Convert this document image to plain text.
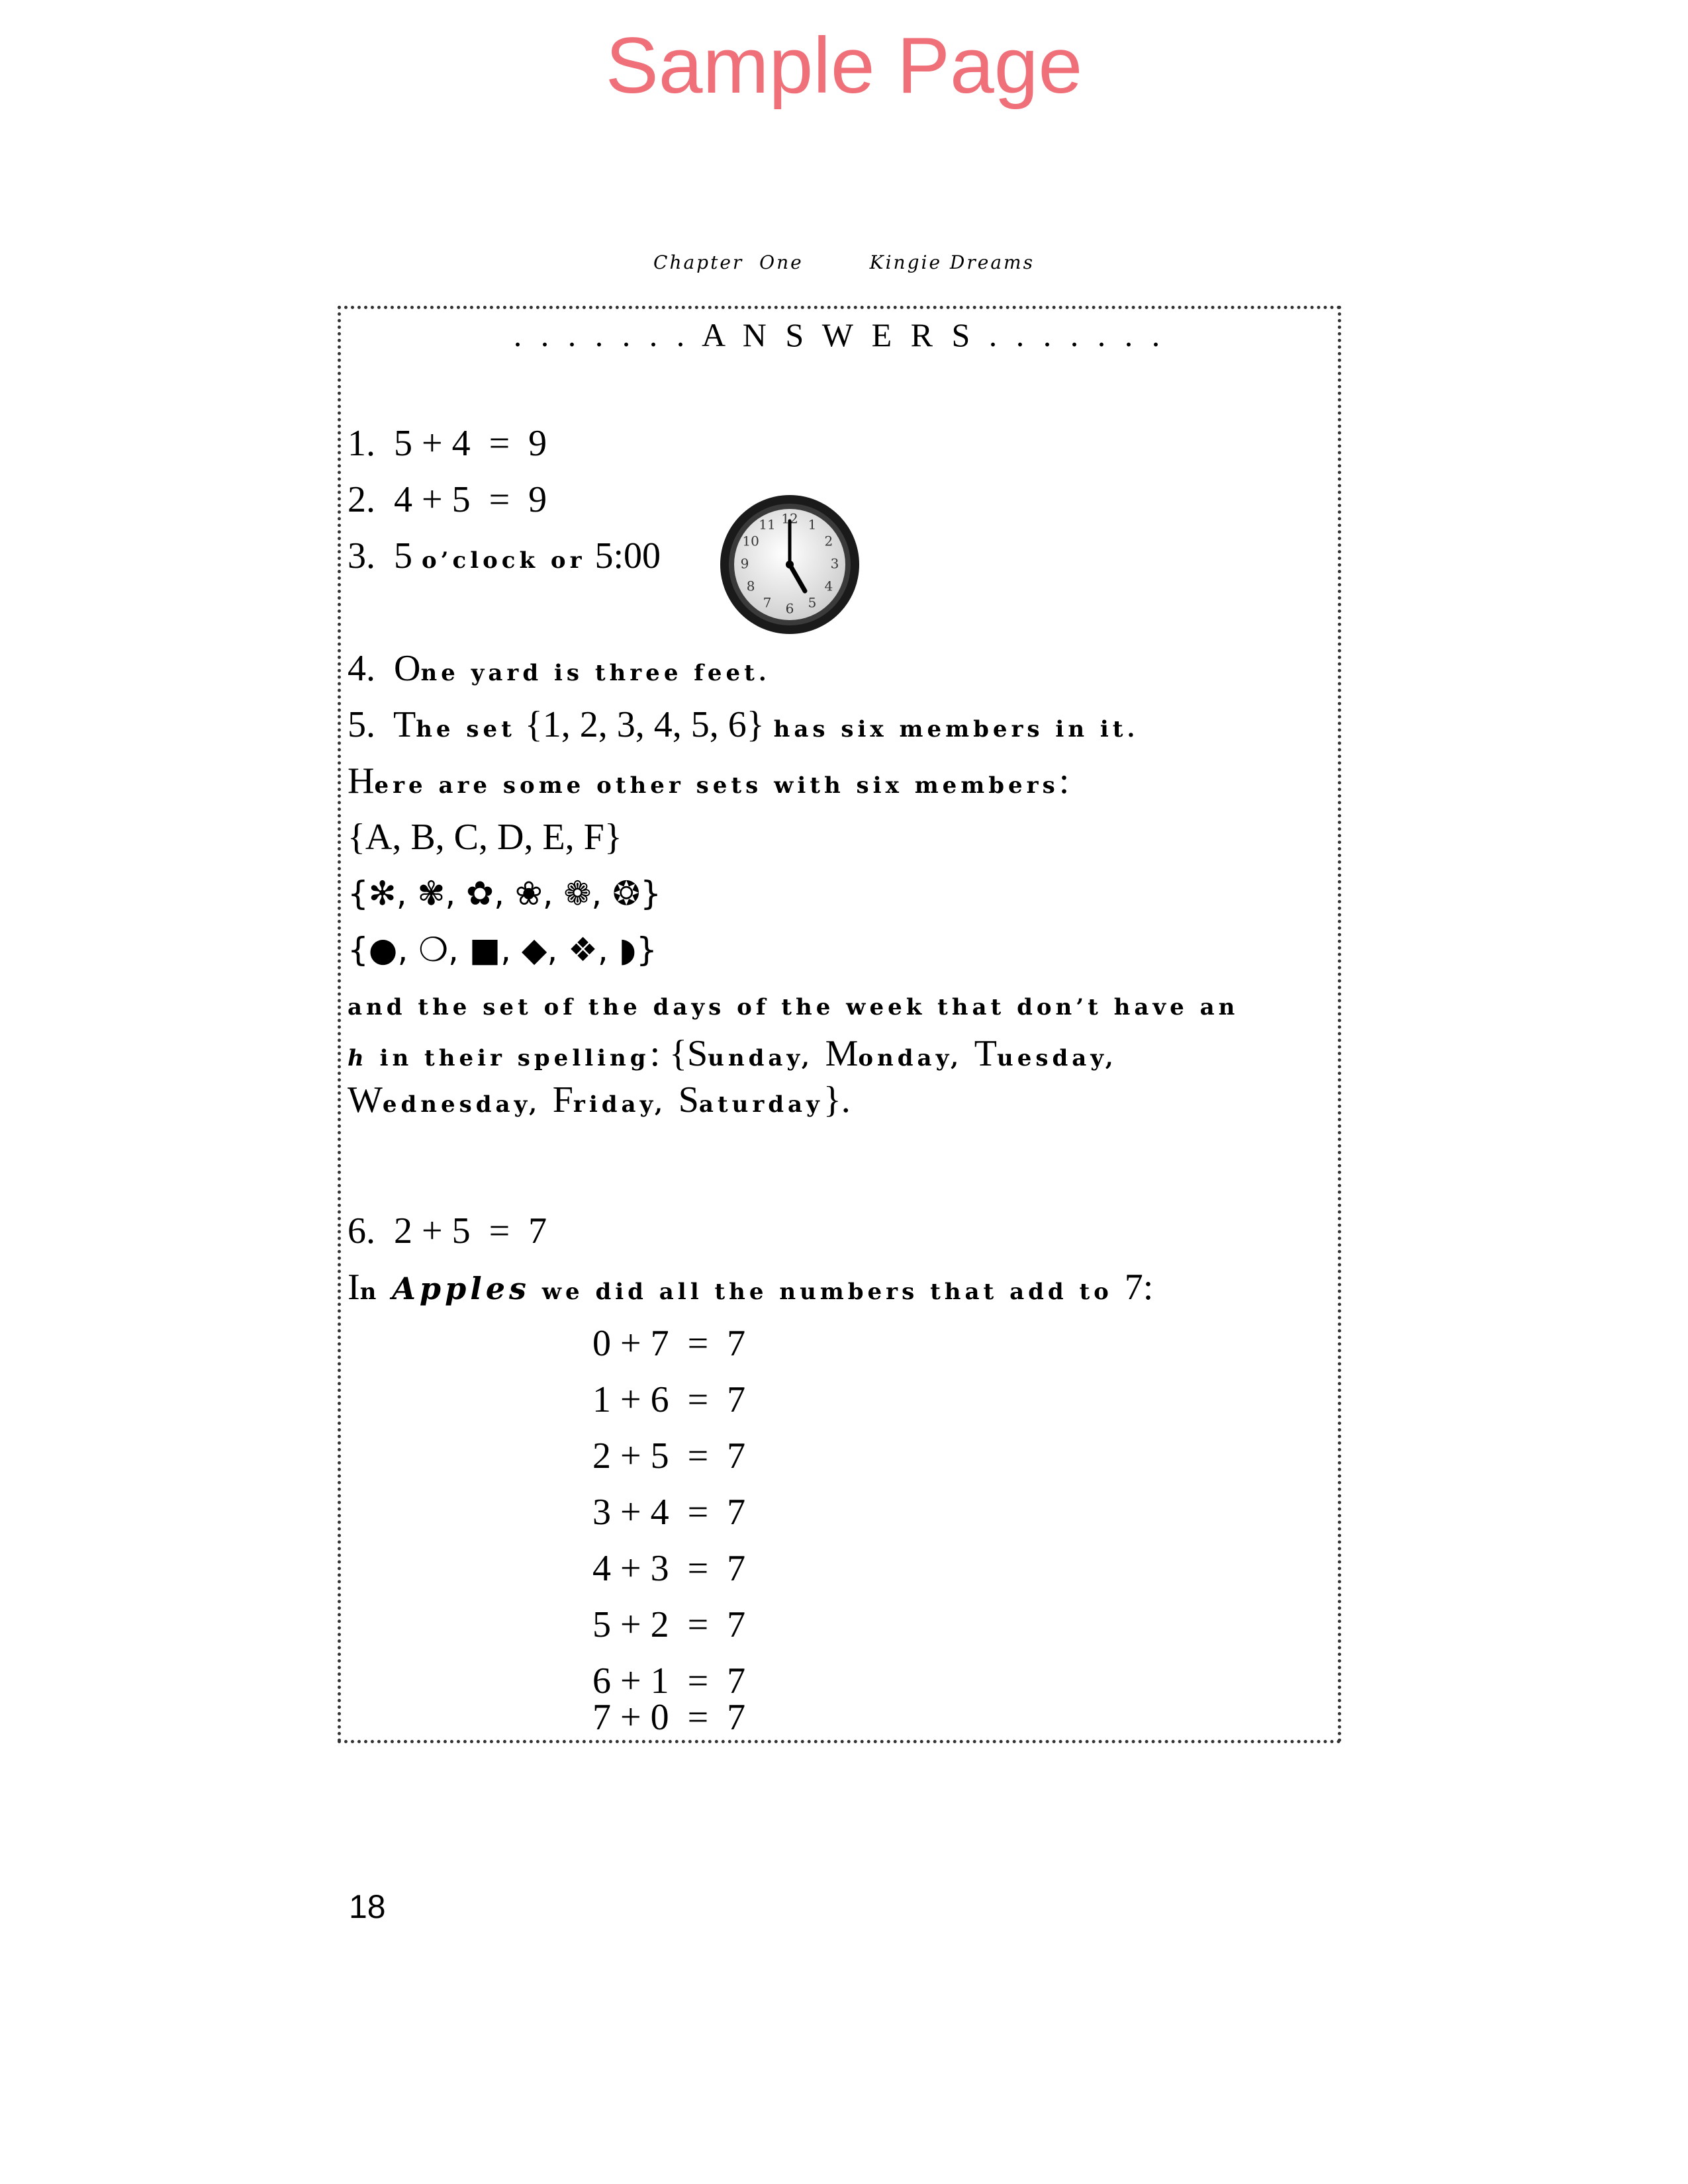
Sample Page
Chapter  One	Kingie Dreams
. . . . . . . A N S W E R S . . . . . . .
1.  5 + 4  =  9
2.  4 + 5  =  9
3.  5 o’clock or 5:00
12 1
2
3
4
5
6
7
8
9
10
11
4.  One yard is three feet.
5.  The set {1, 2, 3, 4, 5, 6} has six members in it.
Here are some other sets with six members:
{A, B, C, D, E, F}
{✻, ✾, ✿, ❀, ❁, ❂}
{●, ❍, ■, ◆, ❖, ◗}
and the set of the days of the week that don’t have an
h in their spelling: {Sunday, Monday, Tuesday,
Wednesday, Friday, Saturday}.
6.  2 + 5  =  7
In Apples we did all the numbers that add to 7:
0 + 7  =  7
1 + 6  =  7
2 + 5  =  7
3 + 4  =  7
4 + 3  =  7
5 + 2  =  7
6 + 1  =  7
7 + 0  =  7
18
